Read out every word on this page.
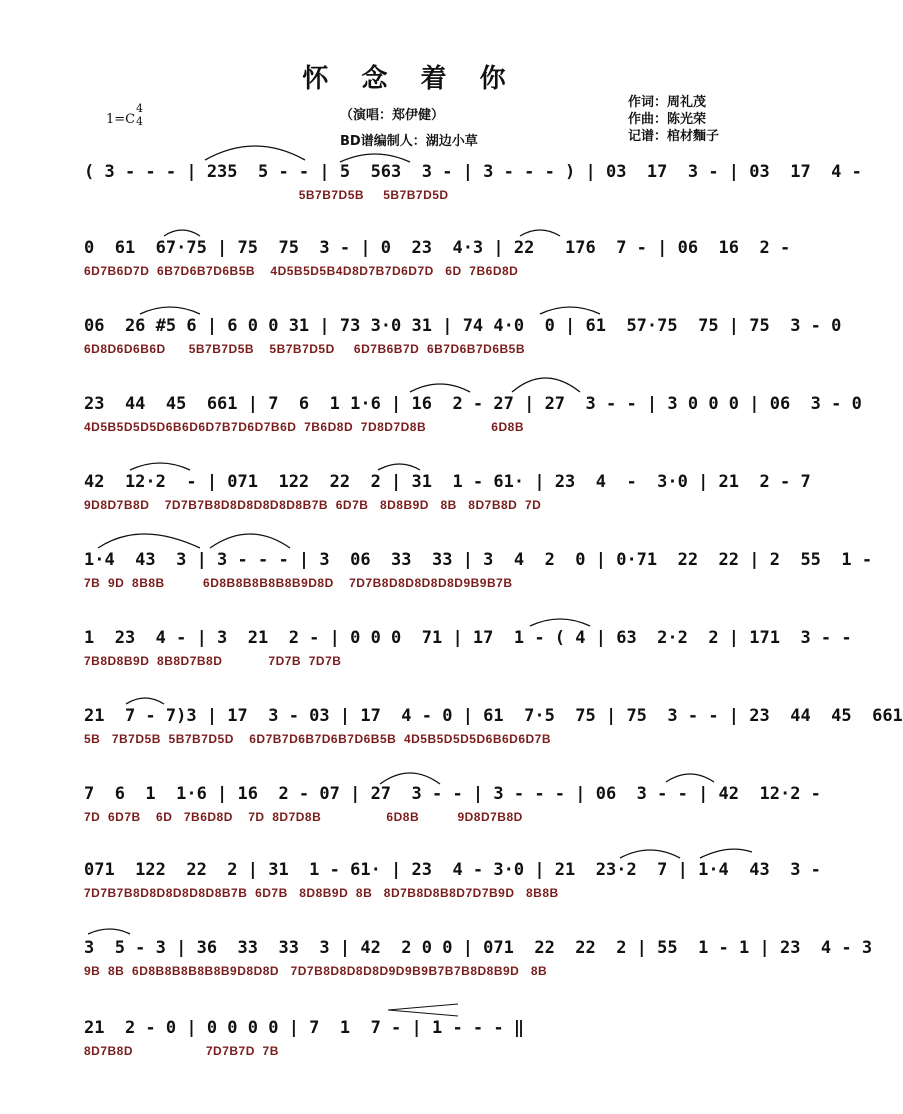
怀 念 着 你
（演唱：郑伊健）
BD谱编制人：湖边小草
作词：周礼茂
作曲：陈光荣
记谱：棺材麵子
1=C
4
4
( 3 - - - | 235  5 - - | 5  563  3 - | 3 - - - ) | 03  17  3 - | 03  17  4 -
5B7B7D5B     5B7B7D5D
0  61  67·75 | 75  75  3 - | 0  23  4·3 | 22   176  7 - | 06  16  2 -
6D7B6D7D  6B7D6B7D6B5B    4D5B5D5B4D8D7B7D6D7D   6D  7B6D8D
06  26 #5 6 | 6 0 0 31 | 73 3·0 31 | 74 4·0  0 | 61  57·75  75 | 75  3 - 0
6D8D6D6B6D      5B7B7D5B    5B7B7D5D     6D7B6B7D  6B7D6B7D6B5B
23  44  45  661 | 7  6  1 1·6 | 16  2 - 27 | 27  3 - - | 3 0 0 0 | 06  3 - 0
4D5B5D5D5D6B6D6D7B7D6D7B6D  7B6D8D  7D8D7D8B                 6D8B
42  12·2  - | 071  122  22  2 | 31  1 - 61· | 23  4  -  3·0 | 21  2 - 7
9D8D7B8D    7D7B7B8D8D8D8D8D8B7B  6D7B   8D8B9D   8B   8D7B8D  7D
1·4  43  3 | 3 - - - | 3  06  33  33 | 3  4  2  0 | 0·71  22  22 | 2  55  1 -
7B  9D  8B8B          6D8B8B8B8B8B9D8D    7D7B8D8D8D8D8D9B9B7B
1  23  4 - | 3  21  2 - | 0 0 0  71 | 17  1 - ( 4 | 63  2·2  2 | 171  3 - -
7B8D8B9D  8B8D7B8D            7D7B  7D7B
21  7 - 7)3 | 17  3 - 03 | 17  4 - 0 | 61  7·5  75 | 75  3 - - | 23  44  45  661
5B   7B7D5B  5B7B7D5D    6D7B7D6B7D6B7D6B5B  4D5B5D5D5D6B6D6D7B
7  6  1  1·6 | 16  2 - 07 | 27  3 - - | 3 - - - | 06  3 - - | 42  12·2 -
7D  6D7B    6D   7B6D8D    7D  8D7D8B                 6D8B          9D8D7B8D
071  122  22  2 | 31  1 - 61· | 23  4 - 3·0 | 21  23·2  7 | 1·4  43  3 -
7D7B7B8D8D8D8D8D8B7B  6D7B   8D8B9D  8B   8D7B8D8B8D7D7B9D   8B8B
3  5 - 3 | 36  33  33  3 | 42  2 0 0 | 071  22  22  2 | 55  1 - 1 | 23  4 - 3
9B  8B  6D8B8B8B8B8B9D8D8D   7D7B8D8D8D8D9D9B9B7B7B8D8B9D   8B
21  2 - 0 | 0 0 0 0 | 7  1  7 - | 1 - - - ‖
8D7B8D                   7D7B7D  7B
